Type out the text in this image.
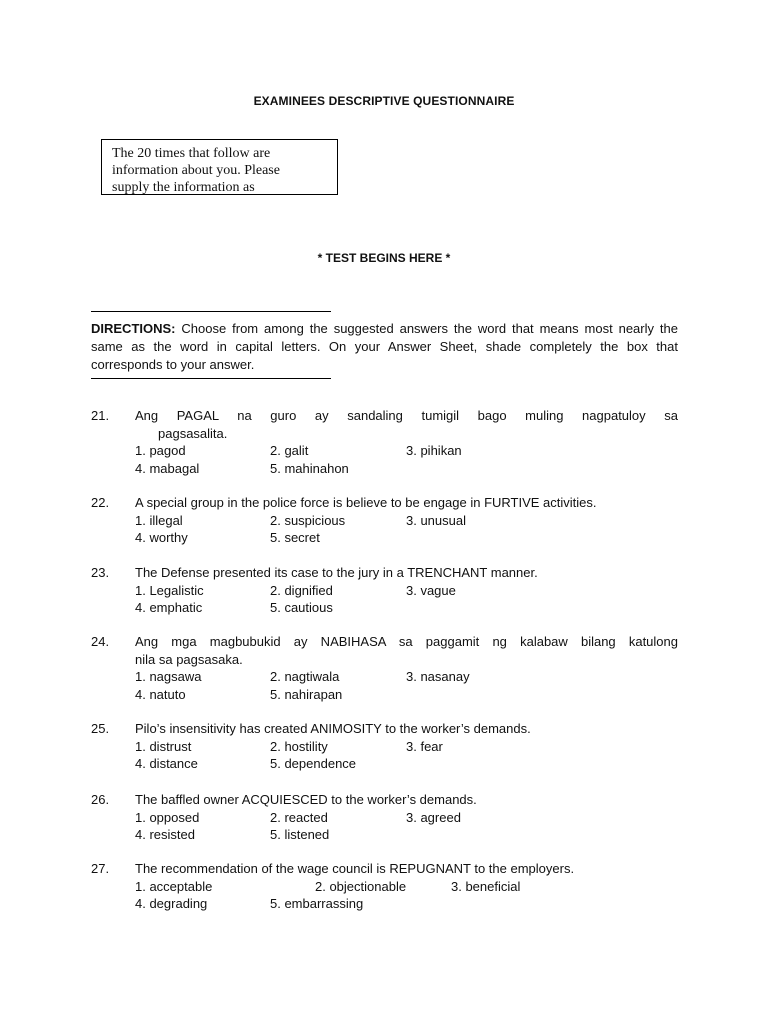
EXAMINEES DESCRIPTIVE QUESTIONNAIRE
The 20 times that follow are
information about you. Please
supply the information as
* TEST BEGINS HERE *
DIRECTIONS: Choose from among the suggested answers the word that means most nearly the same as the word in capital letters. On your Answer Sheet, shade completely the box that corresponds to your answer.
21. Ang PAGAL na guro ay sandaling tumigil bago muling nagpatuloy sa
pagsasalita.
1. pagod	2. galit	3. pihikan
4. mabagal	5. mahinahon
22. A special group in the police force is believe to be engage in FURTIVE activities.
1. illegal	2. suspicious	3. unusual
4. worthy	5. secret
23. The Defense presented its case to the jury in a TRENCHANT manner.
1. Legalistic	2. dignified	3. vague
4. emphatic	5. cautious
24. Ang mga magbubukid ay NABIHASA sa paggamit ng kalabaw bilang katulong
nila sa pagsasaka.
1. nagsawa	2. nagtiwala	3. nasanay
4. natuto	5. nahirapan
25. Pilo’s insensitivity has created ANIMOSITY to the worker’s demands.
1. distrust	2. hostility	3. fear
4. distance	5. dependence
26. The baffled owner ACQUIESCED to the worker’s demands.
1. opposed	2. reacted	3. agreed
4. resisted	5. listened
27. The recommendation of the wage council is REPUGNANT to the employers.
1. acceptable	2. objectionable	3. beneficial
4. degrading	5. embarrassing
